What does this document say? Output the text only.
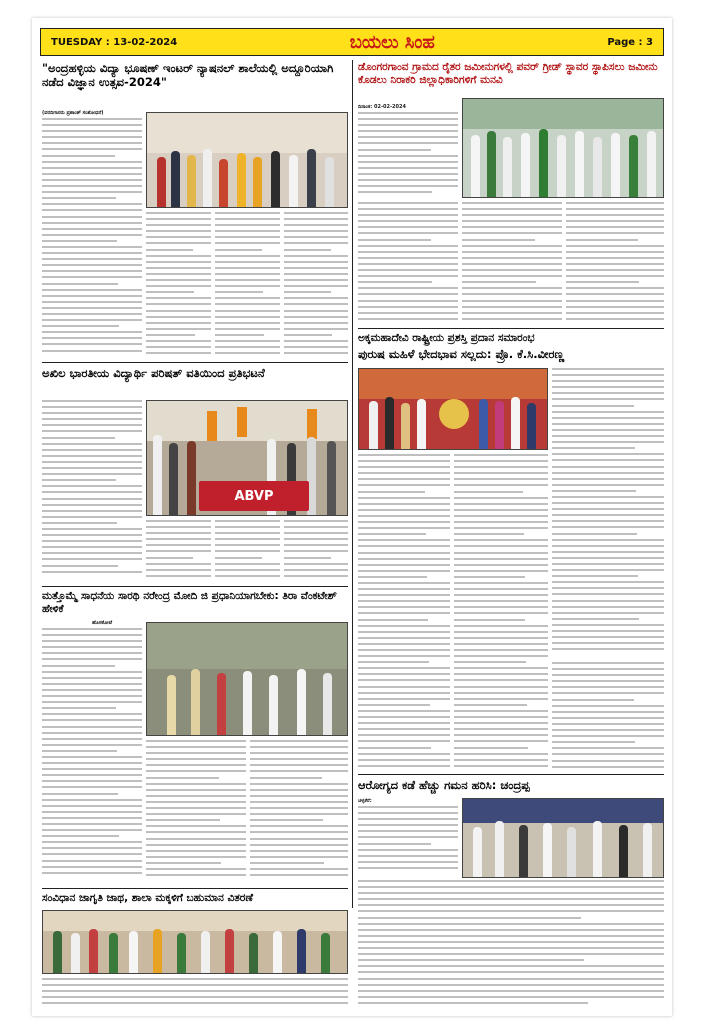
TUESDAY : 13-02-2024	ಬಯಲು ಸಿಂಹ	Page : 3
"ಅಂದ್ರಹಳ್ಳಿಯ ವಿದ್ಯಾ ಭೂಷಣ್ ಇಂಟರ್ ನ್ಯಾಷನಲ್ ಶಾಲೆಯಲ್ಲಿ ಅದ್ದೂರಿಯಾಗಿ ನಡೆದ ವಿಜ್ಞಾನ ಉತ್ಸವ-2024"
(ವರದಿಗಾರರು ಪ್ರಶಾಂತ್ ಸಂಶೋಧನೆ)
ಡೊಂಗರಗಾಂವ ಗ್ರಾಮದ ರೈತರ ಜಮೀನುಗಳಲ್ಲಿ ಪವರ್ ಗ್ರೀಡ್ ಸ್ಥಾವರ ಸ್ಥಾಪಿಸಲು ಜಮೀನು ಕೊಡಲು ನಿರಾಕರಿ ಜಿಲ್ಲಾಧಿಕಾರಿಗಳಿಗೆ ಮನವಿ
ದಿನಾಂಕ: 02-02-2024
ಅಕ್ಕಮಹಾದೇವಿ ರಾಷ್ಟ್ರೀಯ ಪ್ರಶಸ್ತಿ ಪ್ರದಾನ ಸಮಾರಂಭ
ಪುರುಷ ಮಹಿಳೆ ಭೇದಭಾವ ಸಲ್ಲದು: ಪ್ರೊ. ಕೆ.ಸಿ.ವೀರಣ್ಣ
ಅಖಿಲ ಭಾರತೀಯ ವಿದ್ಯಾರ್ಥಿ ಪರಿಷತ್ ವತಿಯಿಂದ ಪ್ರತಿಭಟನೆ
ABVP
ಮತ್ತೊಮ್ಮೆ ಸಾಧನೆಯ ಸಾರಥಿ ನರೇಂದ್ರ ಮೋದಿ ಜಿ ಪ್ರಧಾನಿಯಾಗಬೇಕು: ತಿರಾ ವೆಂಕಟೇಶ್ ಹೇಳಿಕೆ
ಹೊಸಕೋಟೆ
ಆರೋಗ್ಯದ ಕಡೆ ಹೆಚ್ಚು ಗಮನ ಹರಿಸಿ: ಚಂದ್ರಪ್ಪ
ಚಳ್ಳಕೆರೆ:
ಸಂವಿಧಾನ ಜಾಗೃತಿ ಜಾಥ, ಶಾಲಾ ಮಕ್ಕಳಿಗೆ ಬಹುಮಾನ ವಿತರಣೆ
